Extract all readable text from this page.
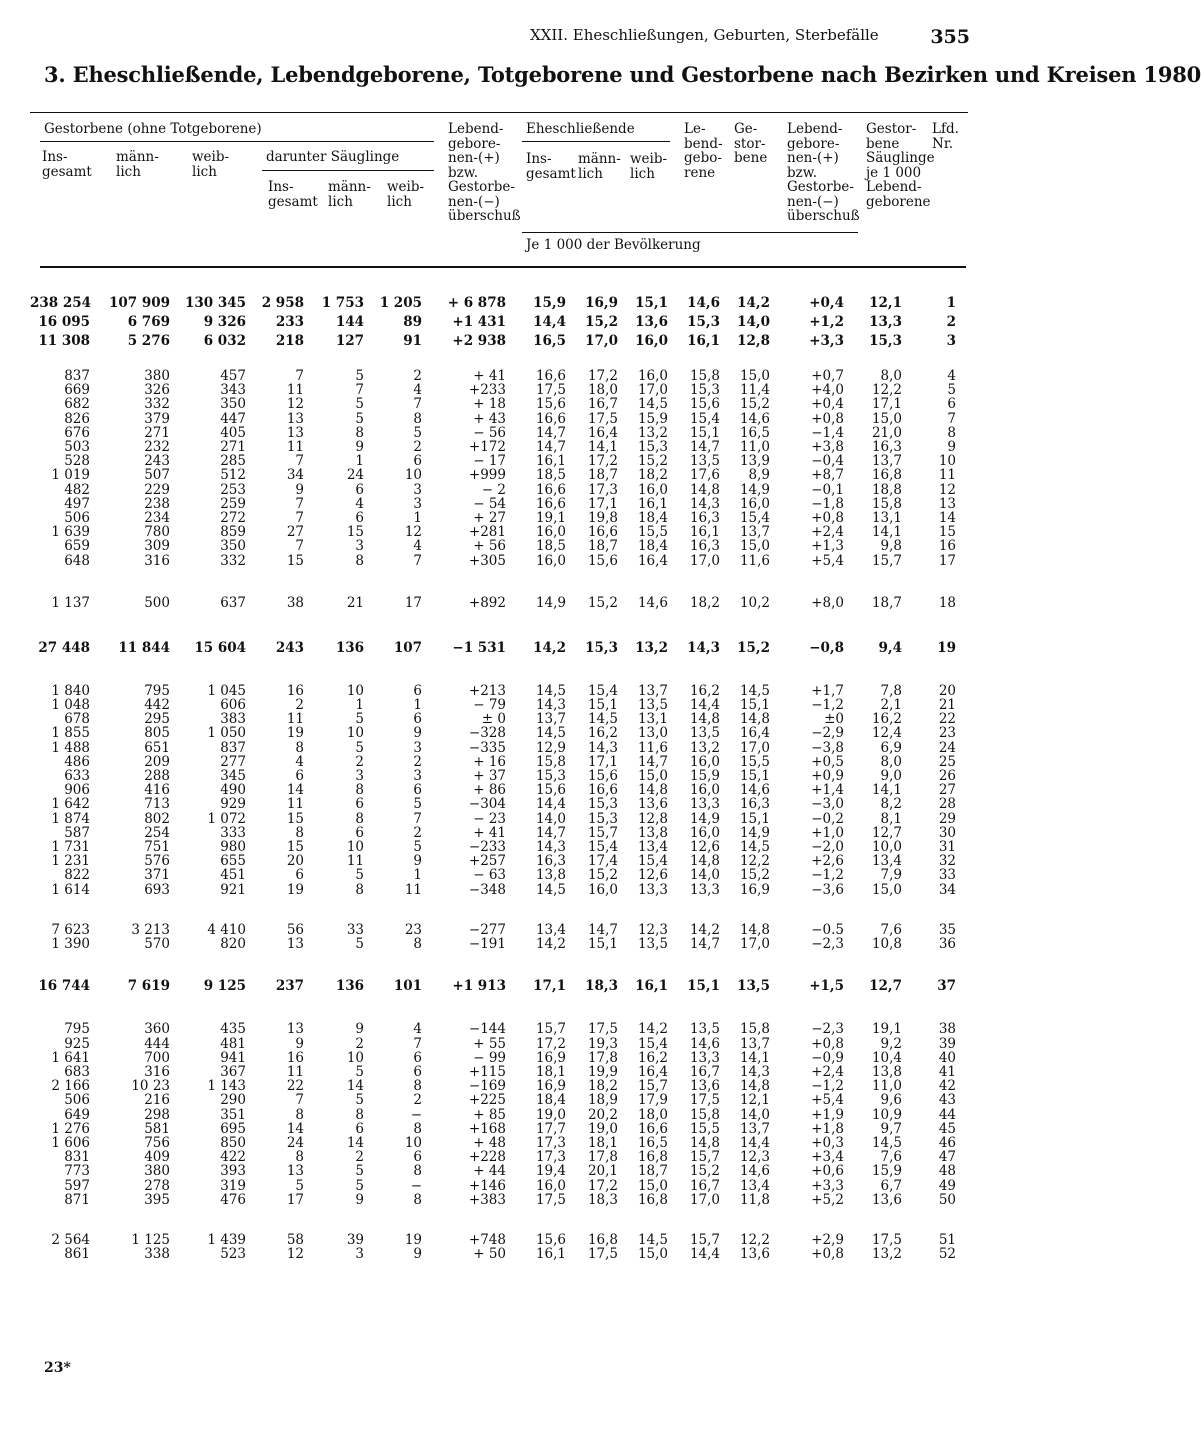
XXII. Eheschließungen, Geburten, Sterbefälle	355
3. Eheschließende, Lebendgeborene, Totgeborene und Gestorbene nach Bezirken und Kreisen 1980
Gestorbene (ohne Totgeborene)
Ins-
gesamt
männ-
lich
weib-
lich
darunter Säuglinge
Ins-
gesamt
männ-
lich
weib-
lich
Lebend-
gebore-
nen-(+)
bzw.
Gestorbe-
nen-(−)
überschuß
Eheschließende
Ins-
gesamt
männ-
lich
weib-
lich
Le-
bend-
gebo-
rene
Ge-
stor-
bene
Lebend-
gebore-
nen-(+)
bzw.
Gestorbe-
nen-(−)
überschuß
Gestor-
bene
Säuglinge
je 1 000
Lebend-
geborene
Lfd.
Nr.
Je 1 000 der Bevölkerung
238 254	107 909	130 345	2 958	1 753	1 205	+ 6 878	15,9	16,9	15,1	14,6	14,2	+0,4	12,1	1
16 095	6 769	9 326	233	144	89	+1 431	14,4	15,2	13,6	15,3	14,0	+1,2	13,3	2
11 308	5 276	6 032	218	127	91	+2 938	16,5	17,0	16,0	16,1	12,8	+3,3	15,3	3

837	380	457	7	5	2	+ 41	16,6	17,2	16,0	15,8	15,0	+0,7	8,0	4
669	326	343	11	7	4	+233	17,5	18,0	17,0	15,3	11,4	+4,0	12,2	5
682	332	350	12	5	7	+ 18	15,6	16,7	14,5	15,6	15,2	+0,4	17,1	6
826	379	447	13	5	8	+ 43	16,6	17,5	15,9	15,4	14,6	+0,8	15,0	7
676	271	405	13	8	5	− 56	14,7	16,4	13,2	15,1	16,5	−1,4	21,0	8
503	232	271	11	9	2	+172	14,7	14,1	15,3	14,7	11,0	+3,8	16,3	9
528	243	285	7	1	6	− 17	16,1	17,2	15,2	13,5	13,9	−0,4	13,7	10
1 019	507	512	34	24	10	+999	18,5	18,7	18,2	17,6	8,9	+8,7	16,8	11
482	229	253	9	6	3	− 2	16,6	17,3	16,0	14,8	14,9	−0,1	18,8	12
497	238	259	7	4	3	− 54	16,6	17,1	16,1	14,3	16,0	−1,8	15,8	13
506	234	272	7	6	1	+ 27	19,1	19,8	18,4	16,3	15,4	+0,8	13,1	14
1 639	780	859	27	15	12	+281	16,0	16,6	15,5	16,1	13,7	+2,4	14,1	15
659	309	350	7	3	4	+ 56	18,5	18,7	18,4	16,3	15,0	+1,3	9,8	16
648	316	332	15	8	7	+305	16,0	15,6	16,4	17,0	11,6	+5,4	15,7	17

1 137	500	637	38	21	17	+892	14,9	15,2	14,6	18,2	10,2	+8,0	18,7	18

27 448	11 844	15 604	243	136	107	−1 531	14,2	15,3	13,2	14,3	15,2	−0,8	9,4	19

1 840	795	1 045	16	10	6	+213	14,5	15,4	13,7	16,2	14,5	+1,7	7,8	20
1 048	442	606	2	1	1	− 79	14,3	15,1	13,5	14,4	15,1	−1,2	2,1	21
678	295	383	11	5	6	± 0	13,7	14,5	13,1	14,8	14,8	±0	16,2	22
1 855	805	1 050	19	10	9	−328	14,5	16,2	13,0	13,5	16,4	−2,9	12,4	23
1 488	651	837	8	5	3	−335	12,9	14,3	11,6	13,2	17,0	−3,8	6,9	24
486	209	277	4	2	2	+ 16	15,8	17,1	14,7	16,0	15,5	+0,5	8,0	25
633	288	345	6	3	3	+ 37	15,3	15,6	15,0	15,9	15,1	+0,9	9,0	26
906	416	490	14	8	6	+ 86	15,6	16,6	14,8	16,0	14,6	+1,4	14,1	27
1 642	713	929	11	6	5	−304	14,4	15,3	13,6	13,3	16,3	−3,0	8,2	28
1 874	802	1 072	15	8	7	− 23	14,0	15,3	12,8	14,9	15,1	−0,2	8,1	29
587	254	333	8	6	2	+ 41	14,7	15,7	13,8	16,0	14,9	+1,0	12,7	30
1 731	751	980	15	10	5	−233	14,3	15,4	13,4	12,6	14,5	−2,0	10,0	31
1 231	576	655	20	11	9	+257	16,3	17,4	15,4	14,8	12,2	+2,6	13,4	32
822	371	451	6	5	1	− 63	13,8	15,2	12,6	14,0	15,2	−1,2	7,9	33
1 614	693	921	19	8	11	−348	14,5	16,0	13,3	13,3	16,9	−3,6	15,0	34

7 623	3 213	4 410	56	33	23	−277	13,4	14,7	12,3	14,2	14,8	−0.5	7,6	35
1 390	570	820	13	5	8	−191	14,2	15,1	13,5	14,7	17,0	−2,3	10,8	36

16 744	7 619	9 125	237	136	101	+1 913	17,1	18,3	16,1	15,1	13,5	+1,5	12,7	37

795	360	435	13	9	4	−144	15,7	17,5	14,2	13,5	15,8	−2,3	19,1	38
925	444	481	9	2	7	+ 55	17,2	19,3	15,4	14,6	13,7	+0,8	9,2	39
1 641	700	941	16	10	6	− 99	16,9	17,8	16,2	13,3	14,1	−0,9	10,4	40
683	316	367	11	5	6	+115	18,1	19,9	16,4	16,7	14,3	+2,4	13,8	41
2 166	10 23	1 143	22	14	8	−169	16,9	18,2	15,7	13,6	14,8	−1,2	11,0	42
506	216	290	7	5	2	+225	18,4	18,9	17,9	17,5	12,1	+5,4	9,6	43
649	298	351	8	8	−	+ 85	19,0	20,2	18,0	15,8	14,0	+1,9	10,9	44
1 276	581	695	14	6	8	+168	17,7	19,0	16,6	15,5	13,7	+1,8	9,7	45
1 606	756	850	24	14	10	+ 48	17,3	18,1	16,5	14,8	14,4	+0,3	14,5	46
831	409	422	8	2	6	+228	17,3	17,8	16,8	15,7	12,3	+3,4	7,6	47
773	380	393	13	5	8	+ 44	19,4	20,1	18,7	15,2	14,6	+0,6	15,9	48
597	278	319	5	5	−	+146	16,0	17,2	15,0	16,7	13,4	+3,3	6,7	49
871	395	476	17	9	8	+383	17,5	18,3	16,8	17,0	11,8	+5,2	13,6	50

2 564	1 125	1 439	58	39	19	+748	15,6	16,8	14,5	15,7	12,2	+2,9	17,5	51
861	338	523	12	3	9	+ 50	16,1	17,5	15,0	14,4	13,6	+0,8	13,2	52
23*
